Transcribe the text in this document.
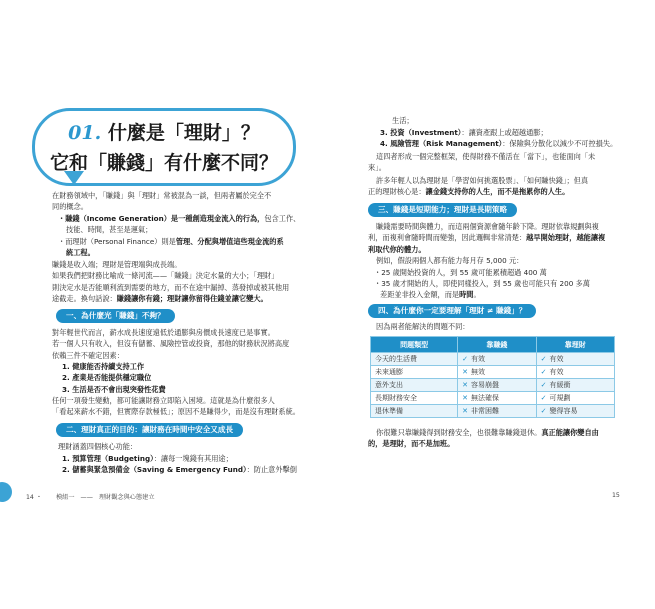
01. 什麼是「理財」？
它和「賺錢」有什麼不同？
在財務領域中，「賺錢」與「理財」常被混為一談，但兩者屬於完全不
同的概念。
・賺錢（Income Generation）是一種創造現金流入的行為，包含工作、
技能、時間，甚至是運氣；
・而理財（Personal Finance）則是管理、分配與增值這些現金流的系
統工程。
賺錢是收入端；理財是管理端與成長端。
如果我們把財務比喻成一條河流——「賺錢」決定水量的大小；「理財」
則決定水是否能順利流到需要的地方，而不在途中漏掉、蒸發掉或被其他用
途截走。換句話說：賺錢讓你有錢；理財讓你留得住錢並讓它變大。
一、為什麼光「賺錢」不夠？
對年輕世代而言，薪水成長速度遠低於通膨與房價成長速度已是事實。
若一個人只有收入，但沒有儲蓄、風險控管或投資，那他的財務狀況將高度
依賴三件不確定因素：
1. 健康能否持續支持工作
2. 產業是否能提供穩定職位
3. 生活是否不會出現突發性花費
任何一項發生變動，都可能讓財務立即陷入困境。這就是為什麼很多人
「看起來薪水不錯，但實際存款極低」；原因不是賺得少，而是沒有理財系統。
二、理財真正的目的：讓財務在時間中安全又成長
理財涵蓋四個核心功能：
1. 預算管理（Budgeting）：讓每一塊錢有其用途；
2. 儲蓄與緊急預備金（Saving & Emergency Fund）：防止意外擊倒
14 ・ 模組一 —— 理財觀念與心態建立
生活；
3. 投資（Investment）：讓資產跟上或超越通膨；
4. 風險管理（Risk Management）：保險與分散化以減少不可控損失。
這四者形成一個完整框架，使得財務不僅活在「當下」，也能面向「未
來」。
許多年輕人以為理財是「學習如何挑選股票」、「如何賺快錢」；但真
正的理財核心是：讓金錢支持你的人生，而不是拖累你的人生。
三、賺錢是短期能力；理財是長期策略
賺錢需要時間與體力，而這兩個資源會隨年齡下降。理財依靠規劃與複
利，而複利會隨時間而變強，因此邏輯非常清楚：越早開始理財，越能讓複
利取代你的體力。
例如，假設兩個人都有能力每月存 5,000 元：
・25 歲開始投資的人，到 55 歲可能累積超過 400 萬
・35 歲才開始的人，即使同樣投入，到 55 歲也可能只有 200 多萬
差距並非投入金額，而是時間。
四、為什麼你一定要理解「理財 ≠ 賺錢」？
因為兩者能解決的問題不同：
問題類型	靠賺錢	靠理財
今天的生活費	✓ 有效	✓ 有效
未來通膨	✕ 無效	✓ 有效
意外支出	✕ 容易崩盤	✓ 有緩衝
長期財務安全	✕ 無法確保	✓ 可規劃
退休準備	✕ 非常困難	✓ 變得容易
你很難只靠賺錢得到財務安全，也很難靠賺錢退休。真正能讓你變自由
的，是理財，而不是加班。
15
